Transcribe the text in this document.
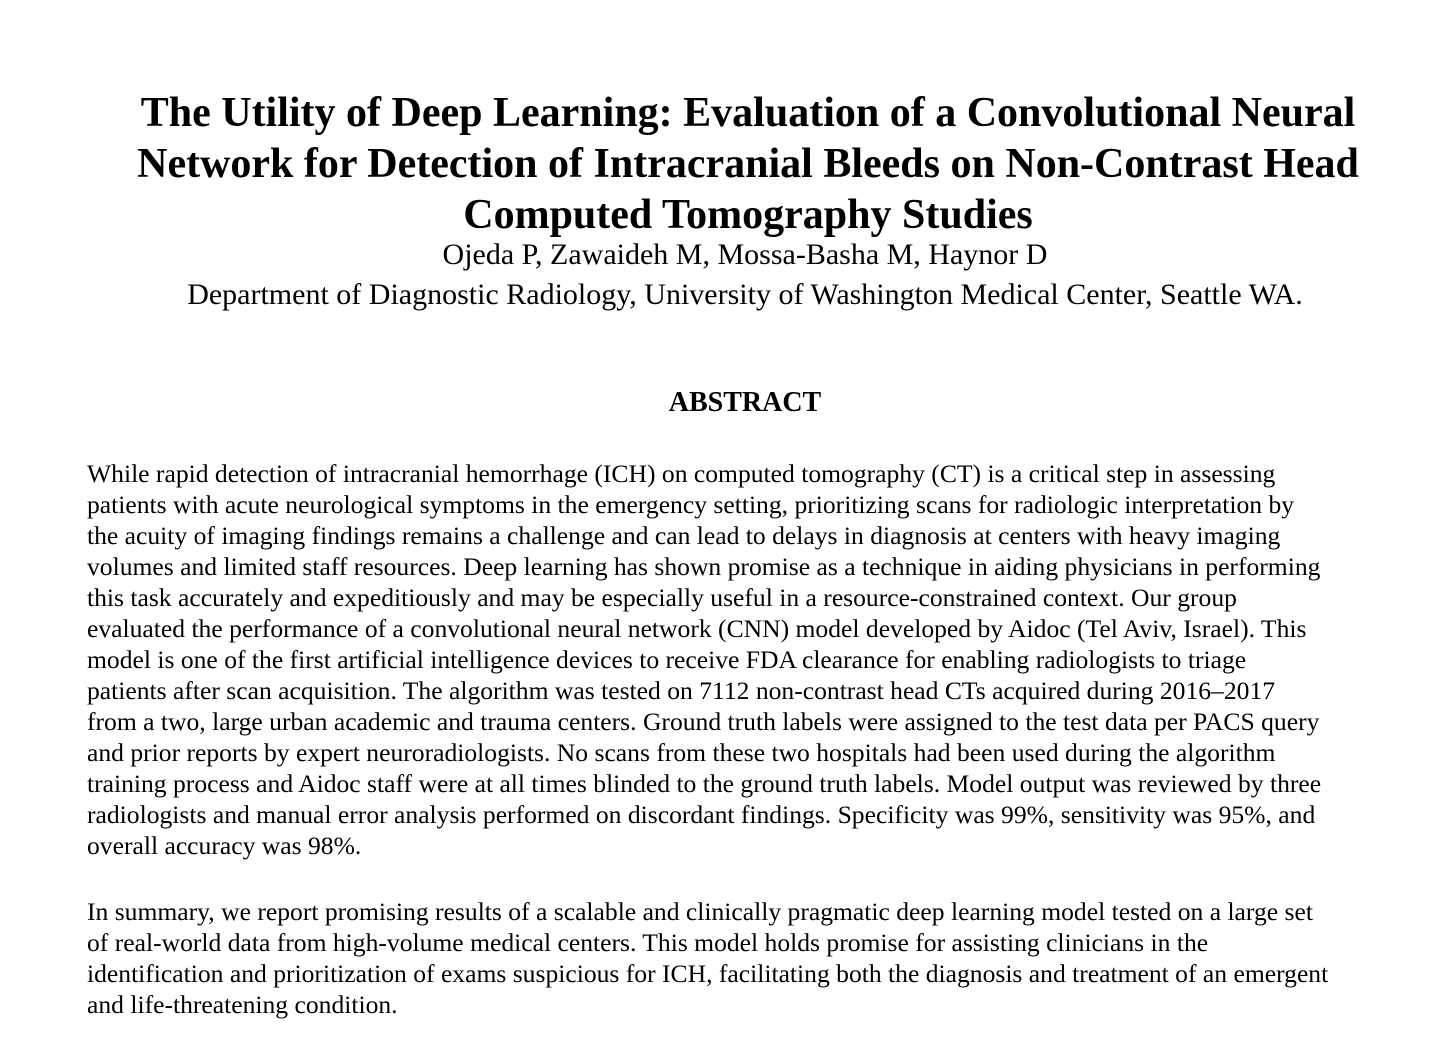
The Utility of Deep Learning: Evaluation of a Convolutional Neural
Network for Detection of Intracranial Bleeds on Non-Contrast Head
Computed Tomography Studies

Ojeda P, Zawaideh M, Mossa-Basha M, Haynor D

Department of Diagnostic Radiology, University of Washington Medical Center, Seattle WA.

ABSTRACT
While rapid detection of intracranial hemorrhage (ICH) on computed tomography (CT) is a critical step in assessing
patients with acute neurological symptoms in the emergency setting, prioritizing scans for radiologic interpretation by
the acuity of imaging findings remains a challenge and can lead to delays in diagnosis at centers with heavy imaging
volumes and limited staff resources. Deep learning has shown promise as a technique in aiding physicians in performing
this task accurately and expeditiously and may be especially useful in a resource-constrained context. Our group
evaluated the performance of a convolutional neural network (CNN) model developed by Aidoc (Tel Aviv, Israel). This
model is one of the first artificial intelligence devices to receive FDA clearance for enabling radiologists to triage
patients after scan acquisition. The algorithm was tested on 7112 non-contrast head CTs acquired during 2016–2017
from a two, large urban academic and trauma centers. Ground truth labels were assigned to the test data per PACS query
and prior reports by expert neuroradiologists. No scans from these two hospitals had been used during the algorithm
training process and Aidoc staff were at all times blinded to the ground truth labels. Model output was reviewed by three
radiologists and manual error analysis performed on discordant findings. Specificity was 99%, sensitivity was 95%, and
overall accuracy was 98%.
In summary, we report promising results of a scalable and clinically pragmatic deep learning model tested on a large set
of real-world data from high-volume medical centers. This model holds promise for assisting clinicians in the
identification and prioritization of exams suspicious for ICH, facilitating both the diagnosis and treatment of an emergent
and life-threatening condition.
